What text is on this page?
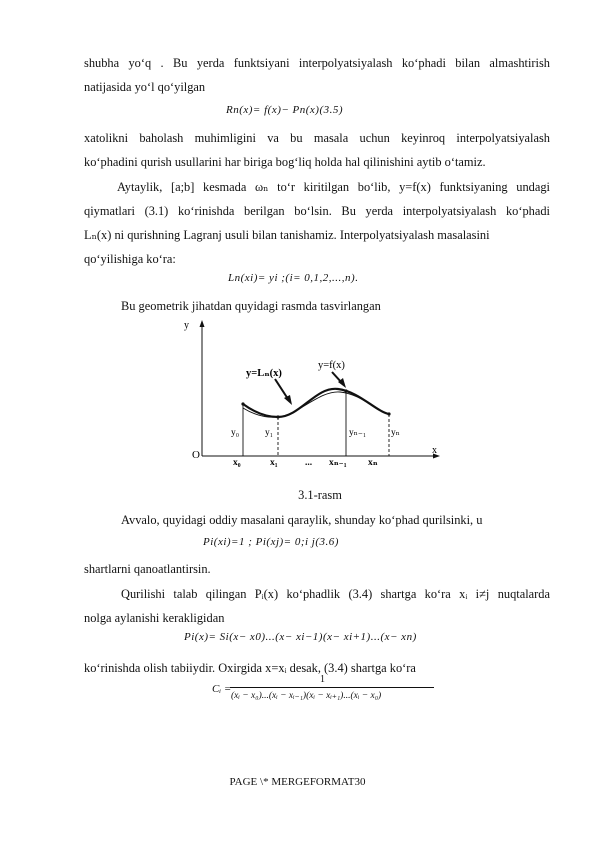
shubha yo‘q . Bu yerda funktsiyani interpolyatsiyalash ko‘phadi bilan almashtirish
natijasida yo‘l qo‘yilgan
Rn(x)= f(x)− Pn(x)(3.5)
xatolikni baholash muhimligini va bu masala uchun keyinroq interpolyatsiyalash
ko‘phadini qurish usullarini har biriga bog‘liq holda hal qilinishini aytib o‘tamiz.
Aytaylik, [a;b] kesmada ωₙ to‘r kiritilgan bo‘lib, y=f(x) funktsiyaning undagi
qiymatlari (3.1) ko‘rinishda berilgan bo‘lsin. Bu yerda interpolyatsiyalash ko‘phadi
Lₙ(x) ni qurishning Lagranj usuli bilan tanishamiz. Interpolyatsiyalash masalasini
qo‘yilishiga ko‘ra:
Ln(xi)= yi ;(i= 0,1,2,...,n).
Bu geometrik jihatdan quyidagi rasmda tasvirlangan
y
x
O
y=Lₙ(x)
y=f(x)
y₀	y₁	yₙ₋₁	yₙ
x₀	x₁	... xₙ₋₁ xₙ
3.1-rasm
Avvalo, quyidagi oddiy masalani qaraylik, shunday ko‘phad qurilsinki, u
Pi(xi)=1 ; Pi(xj)= 0;i j(3.6)
shartlarni qanoatlantirsin.
Qurilishi talab qilingan Pᵢ(x) ko‘phadlik (3.4) shartga ko‘ra xᵢ i≠j nuqtalarda
nolga aylanishi kerakligidan
Pi(x)= Si(x− x0)...(x− xi−1)(x− xi+1)...(x− xn)
ko‘rinishda olish tabiiydir. Oxirgida x=xᵢ desak, (3.4) shartga ko‘ra
Cᵢ =
1
(xᵢ − x₀)...(xᵢ − xᵢ₋₁)(xᵢ − xᵢ₊₁)...(xᵢ − x₀)
PAGE \* MERGEFORMAT30
